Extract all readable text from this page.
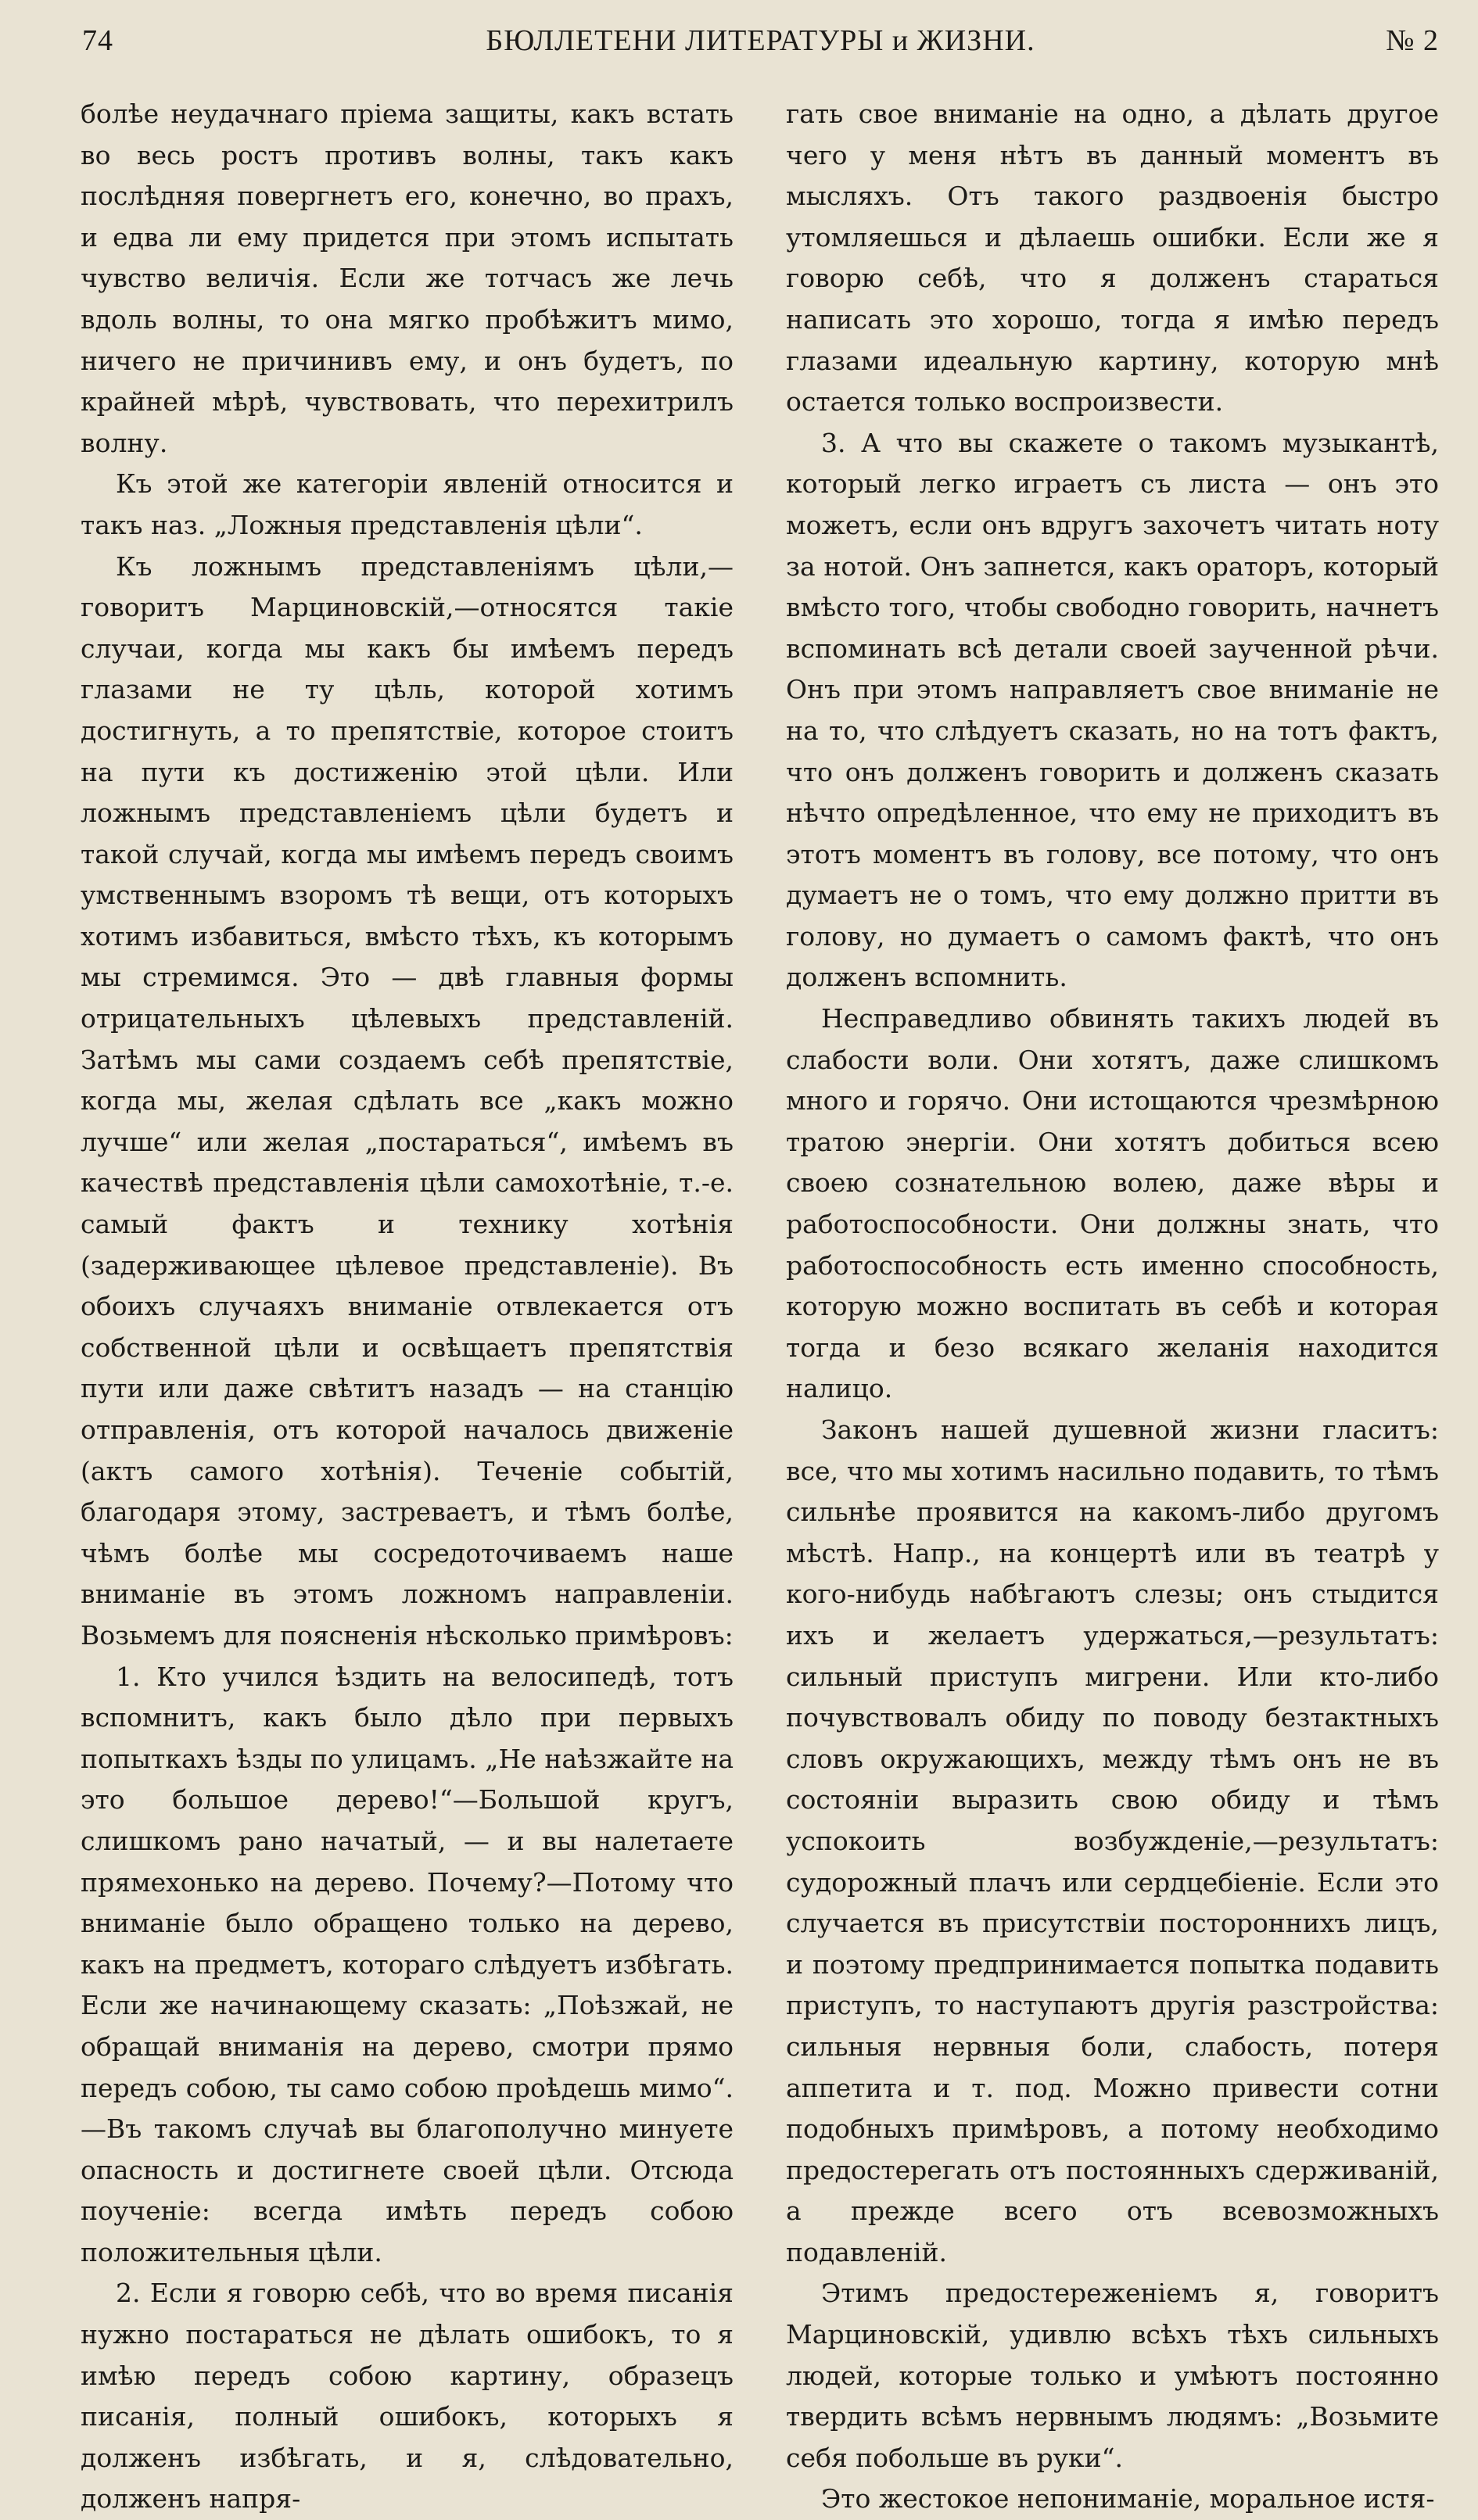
74	БЮЛЛЕТЕНИ ЛИТЕРАТУРЫ и ЖИЗНИ.	№ 2

болѣе неудачнаго пріема защиты, какъ встать во весь ростъ противъ волны, такъ какъ послѣдняя повергнетъ его, конечно, во прахъ, и едва ли ему придется при этомъ испытать чувство величія. Если же тотчасъ же лечь вдоль волны, то она мягко пробѣжитъ мимо, ничего не причинивъ ему, и онъ будетъ, по крайней мѣрѣ, чувствовать, что перехитрилъ волну.

Къ этой же категоріи явленій относится и такъ наз. „Ложныя представленія цѣли“.

Къ ложнымъ представленіямъ цѣли,—говоритъ Марциновскій,—относятся такіе случаи, когда мы какъ бы имѣемъ передъ глазами не ту цѣль, которой хотимъ достигнуть, а то препятствіе, которое стоитъ на пути къ достиженію этой цѣли. Или ложнымъ представленіемъ цѣли будетъ и такой случай, когда мы имѣемъ передъ своимъ умственнымъ взоромъ тѣ вещи, отъ которыхъ хотимъ избавиться, вмѣсто тѣхъ, къ которымъ мы стремимся. Это — двѣ главныя формы отрицательныхъ цѣлевыхъ представленій. Затѣмъ мы сами создаемъ себѣ препятствіе, когда мы, желая сдѣлать все „какъ можно лучше“ или желая „постараться“, имѣемъ въ качествѣ представленія цѣли самохотѣніе, т.-е. самый фактъ и технику хотѣнія (задерживающее цѣлевое представленіе). Въ обоихъ случаяхъ вниманіе отвлекается отъ собственной цѣли и освѣщаетъ препятствія пути или даже свѣтитъ назадъ — на станцію отправленія, отъ которой началось движеніе (актъ самого хотѣнія). Теченіе событій, благодаря этому, застреваетъ, и тѣмъ болѣе, чѣмъ болѣе мы сосредоточиваемъ наше вниманіе въ этомъ ложномъ направленіи. Возьмемъ для поясненія нѣсколько примѣровъ:

1. Кто учился ѣздить на велосипедѣ, тотъ вспомнитъ, какъ было дѣло при первыхъ попыткахъ ѣзды по улицамъ. „Не наѣзжайте на это большое дерево!“—Большой кругъ, слишкомъ рано начатый, — и вы налетаете прямехонько на дерево. Почему?—Потому что вниманіе было обращено только на дерево, какъ на предметъ, котораго слѣдуетъ избѣгать. Если же начинающему сказать: „Поѣзжай, не обращай вниманія на дерево, смотри прямо передъ собою, ты само собою проѣдешь мимо“.—Въ такомъ случаѣ вы благополучно минуете опасность и достигнете своей цѣли. Отсюда поученіе: всегда имѣть передъ собою положительныя цѣли.

2. Если я говорю себѣ, что во время писанія нужно постараться не дѣлать ошибокъ, то я имѣю передъ собою картину, образецъ писанія, полный ошибокъ, которыхъ я долженъ избѣгать, и я, слѣдовательно, долженъ напря-

гать свое вниманіе на одно, а дѣлать другое чего у меня нѣтъ въ данный моментъ въ мысляхъ. Отъ такого раздвоенія быстро утомляешься и дѣлаешь ошибки. Если же я говорю себѣ, что я долженъ стараться написать это хорошо, тогда я имѣю передъ глазами идеальную картину, которую мнѣ остается только воспроизвести.

3. А что вы скажете о такомъ музыкантѣ, который легко играетъ съ листа — онъ это можетъ, если онъ вдругъ захочетъ читать ноту за нотой. Онъ запнется, какъ ораторъ, который вмѣсто того, чтобы свободно говорить, начнетъ вспоминать всѣ детали своей заученной рѣчи. Онъ при этомъ направляетъ свое вниманіе не на то, что слѣдуетъ сказать, но на тотъ фактъ, что онъ долженъ говорить и долженъ сказать нѣчто опредѣленное, что ему не приходитъ въ этотъ моментъ въ голову, все потому, что онъ думаетъ не о томъ, что ему должно притти въ голову, но думаетъ о самомъ фактѣ, что онъ долженъ вспомнить.

Несправедливо обвинять такихъ людей въ слабости воли. Они хотятъ, даже слишкомъ много и горячо. Они истощаются чрезмѣрною тратою энергіи. Они хотятъ добиться всею своею сознательною волею, даже вѣры и работоспособности. Они должны знать, что работоспособность есть именно способность, которую можно воспитать въ себѣ и которая тогда и безо всякаго желанія находится налицо.

Законъ нашей душевной жизни гласитъ: все, что мы хотимъ насильно подавить, то тѣмъ сильнѣе проявится на какомъ-либо другомъ мѣстѣ. Напр., на концертѣ или въ театрѣ у кого-нибудь набѣгаютъ слезы; онъ стыдится ихъ и желаетъ удержаться,—результатъ: сильный приступъ мигрени. Или кто-либо почувствовалъ обиду по поводу безтактныхъ словъ окружающихъ, между тѣмъ онъ не въ состояніи выразить свою обиду и тѣмъ успокоить возбужденіе,—результатъ: судорожный плачъ или сердцебіеніе. Если это случается въ присутствіи постороннихъ лицъ, и поэтому предпринимается попытка подавить приступъ, то наступаютъ другія разстройства: сильныя нервныя боли, слабость, потеря аппетита и т. под. Можно привести сотни подобныхъ примѣровъ, а потому необходимо предостерегать отъ постоянныхъ сдерживаній, а прежде всего отъ всевозможныхъ подавленій.

Этимъ предостереженіемъ я, говоритъ Марциновскій, удивлю всѣхъ тѣхъ сильныхъ людей, которые только и умѣютъ постоянно твердить всѣмъ нервнымъ людямъ: „Возьмите себя побольше въ руки“.

Это жестокое непониманіе, моральное истя-
